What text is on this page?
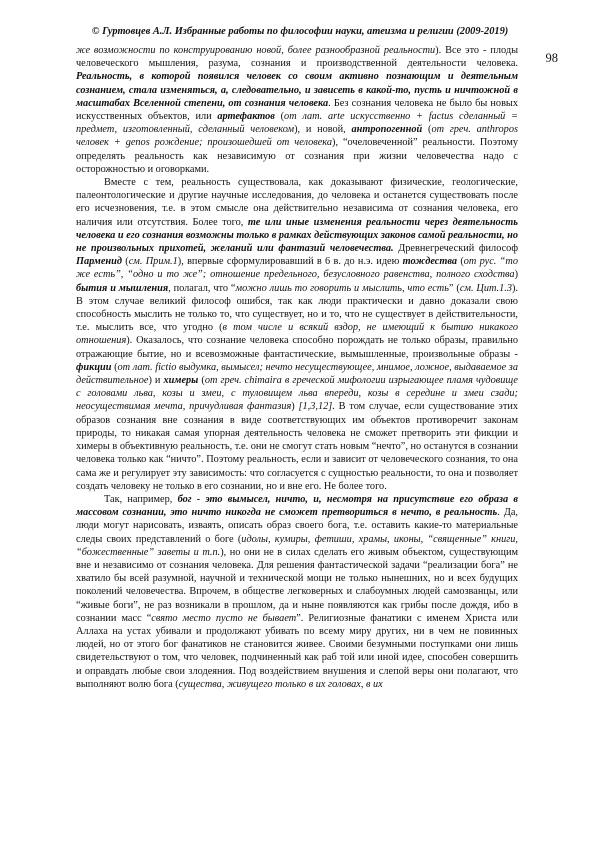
© Гуртовцев А.Л. Избранные работы по философии науки, атеизма и религии (2009-2019)
98

же возможности по конструированию новой, более разнообразной реальности). Все это - плоды человеческого мышления, разума, сознания и производственной деятельности человека. Реальность, в которой появился человек со своим активно познающим и деятельным сознанием, стала изменяться, а, следовательно, и зависеть в какой-то, пусть и ничтожной в масштабах Вселенной степени, от сознания человека. Без сознания человека не было бы новых искусственных объектов, или артефактов (от лат. arte искусственно + factus сделанный = предмет, изготовленный, сделанный человеком), и новой, антропогенной (от греч. anthropos человек + genos рождение; произошедшей от человека), “очеловеченной” реальности. Поэтому определять реальность как независимую от сознания при жизни человечества надо с осторожностью и оговорками.

Вместе с тем, реальность существовала, как доказывают физические, геологические, палеонтологические и другие научные исследования, до человека и останется существовать после его исчезновения, т.е. в этом смысле она действительно независима от сознания человека, его наличия или отсутствия. Более того, те или иные изменения реальности через деятельность человека и его сознания возможны только в рамках действующих законов самой реальности, но не произвольных прихотей, желаний или фантазий человечества. Древнегреческий философ Парменид (см. Прим.1), впервые сформулировавший в 6 в. до н.э. идею тождества (от рус. “то же есть”, “одно и то же”; отношение предельного, безусловного равенства, полного сходства) бытия и мышления, полагал, что “можно лишь то говорить и мыслить, что есть” (см. Цит.1.3). В этом случае великий философ ошибся, так как люди практически и давно доказали свою способность мыслить не только то, что существует, но и то, что не существует в действительности, т.е. мыслить все, что угодно (в том числе и всякий вздор, не имеющий к бытию никакого отношения). Оказалось, что сознание человека способно порождать не только образы, правильно отражающие бытие, но и всевозможные фантастические, вымышленные, произвольные образы - фикции (от лат. fictio выдумка, вымысел; нечто несуществующее, мнимое, ложное, выдаваемое за действительное) и химеры (от греч. chimaira в греческой мифологии изрыгающее пламя чудовище с головами льва, козы и змеи, с туловищем льва впереди, козы в середине и змеи сзади; неосуществимая мечта, причудливая фантазия) [1,3,12]. В том случае, если существование этих образов сознания вне сознания в виде соответствующих им объектов противоречит законам природы, то никакая самая упорная деятельность человека не сможет претворить эти фикции и химеры в объективную реальность, т.е. они не смогут стать новым “нечто”, но останутся в сознании человека только как “ничто”. Поэтому реальность, если и зависит от человеческого сознания, то она сама же и регулирует эту зависимость: что согласуется с сущностью реальности, то она и позволяет создать человеку не только в его сознании, но и вне его. Не более того.

Так, например, бог - это вымысел, ничто, и, несмотря на присутствие его образа в массовом сознании, это ничто никогда не сможет претвориться в нечто, в реальность. Да, люди могут нарисовать, изваять, описать образ своего бога, т.е. оставить какие-то материальные следы своих представлений о боге (идолы, кумиры, фетиши, храмы, иконы, “священные” книги, “божественные” заветы и т.п.), но они не в силах сделать его живым объектом, существующим вне и независимо от сознания человека. Для решения фантастической задачи “реализации бога” не хватило бы всей разумной, научной и технической мощи не только нынешних, но и всех будущих поколений человечества. Впрочем, в обществе легковерных и слабоумных людей самозванцы, или “живые боги”, не раз возникали в прошлом, да и ныне появляются как грибы после дождя, ибо в сознании масс “свято место пусто не бывает”. Религиозные фанатики с именем Христа или Аллаха на устах убивали и продолжают убивать по всему миру других, ни в чем не повинных людей, но от этого бог фанатиков не становится живее. Своими безумными поступками они лишь свидетельствуют о том, что человек, подчиненный как раб той или иной идее, способен совершить и оправдать любые свои злодеяния. Под воздействием внушения и слепой веры они полагают, что выполняют волю бога (существа, живущего только в их головах, в их
